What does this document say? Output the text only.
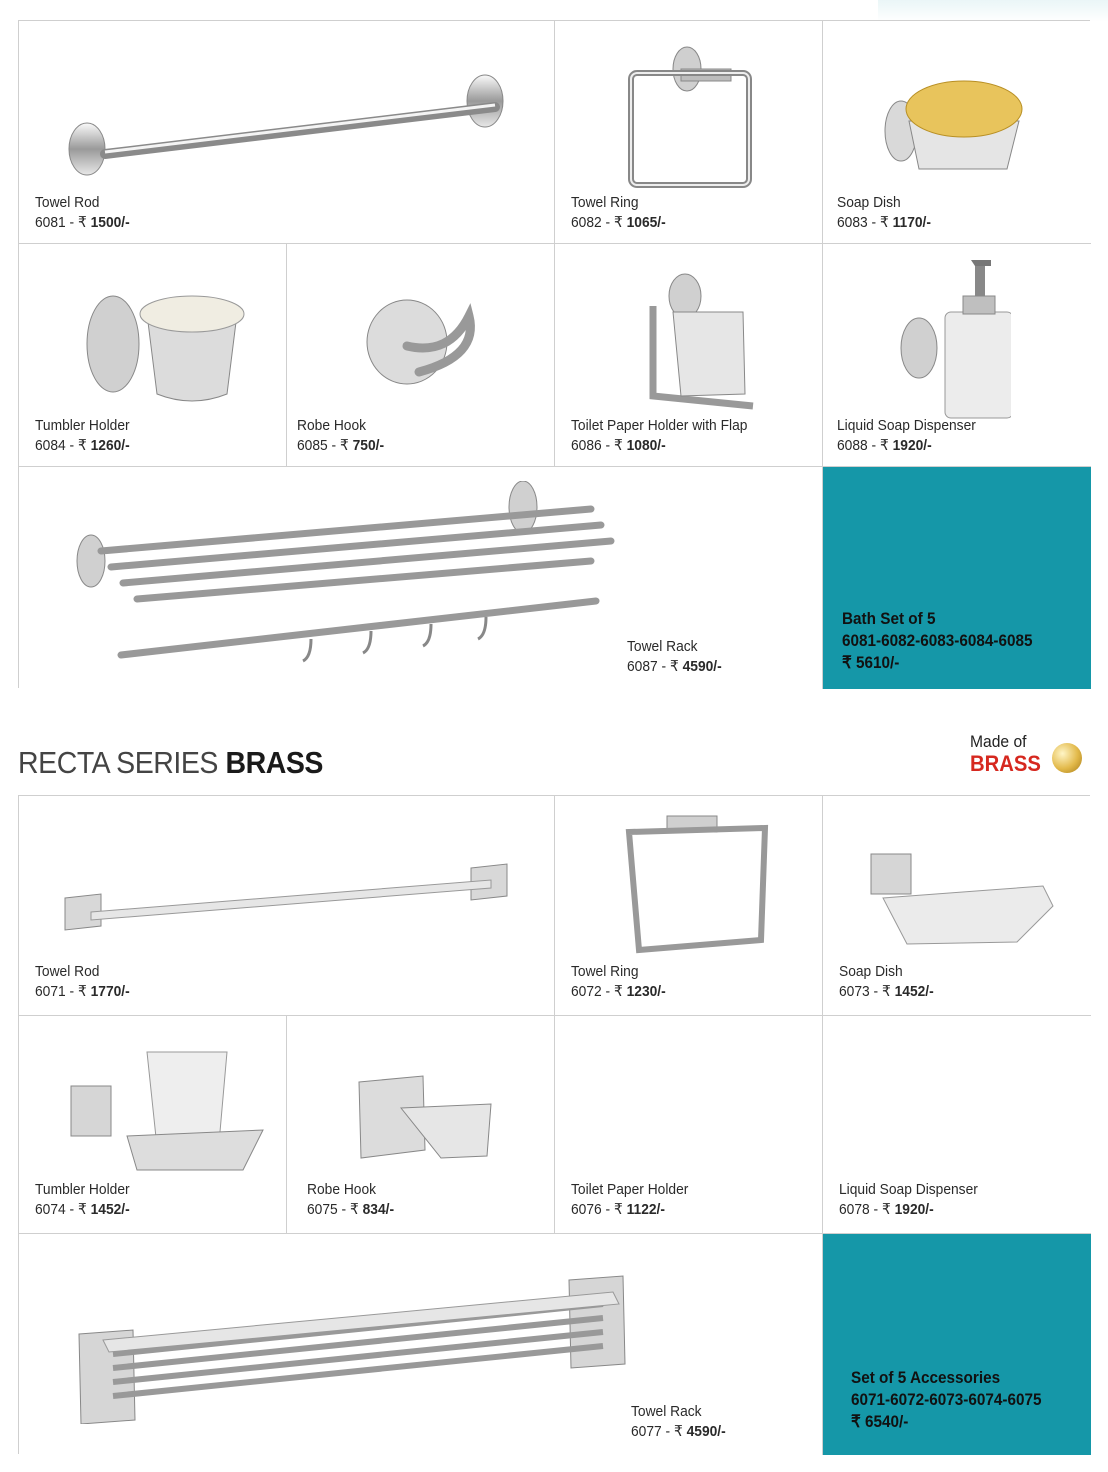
Towel Rod
6081 - ₹ 1500/-
Towel Ring
6082 - ₹ 1065/-
Soap Dish
6083 - ₹ 1170/-
Tumbler Holder
6084 - ₹ 1260/-
Robe Hook
6085 - ₹ 750/-
Toilet Paper Holder with Flap
6086 - ₹ 1080/-
Liquid Soap Dispenser
6088 - ₹ 1920/-
Towel Rack
6087 - ₹ 4590/-
Bath Set of 5
6081-6082-6083-6084-6085
₹ 5610/-
RECTA SERIES BRASS
Made of
BRASS
Towel Rod
6071 - ₹ 1770/-
Towel Ring
6072 - ₹ 1230/-
Soap Dish
6073 - ₹ 1452/-
Tumbler Holder
6074 - ₹ 1452/-
Robe Hook
6075 - ₹ 834/-
Toilet Paper Holder
6076 - ₹ 1122/-
Liquid Soap Dispenser
6078 - ₹ 1920/-
Towel Rack
6077 - ₹ 4590/-
Set of 5 Accessories
6071-6072-6073-6074-6075
₹ 6540/-
